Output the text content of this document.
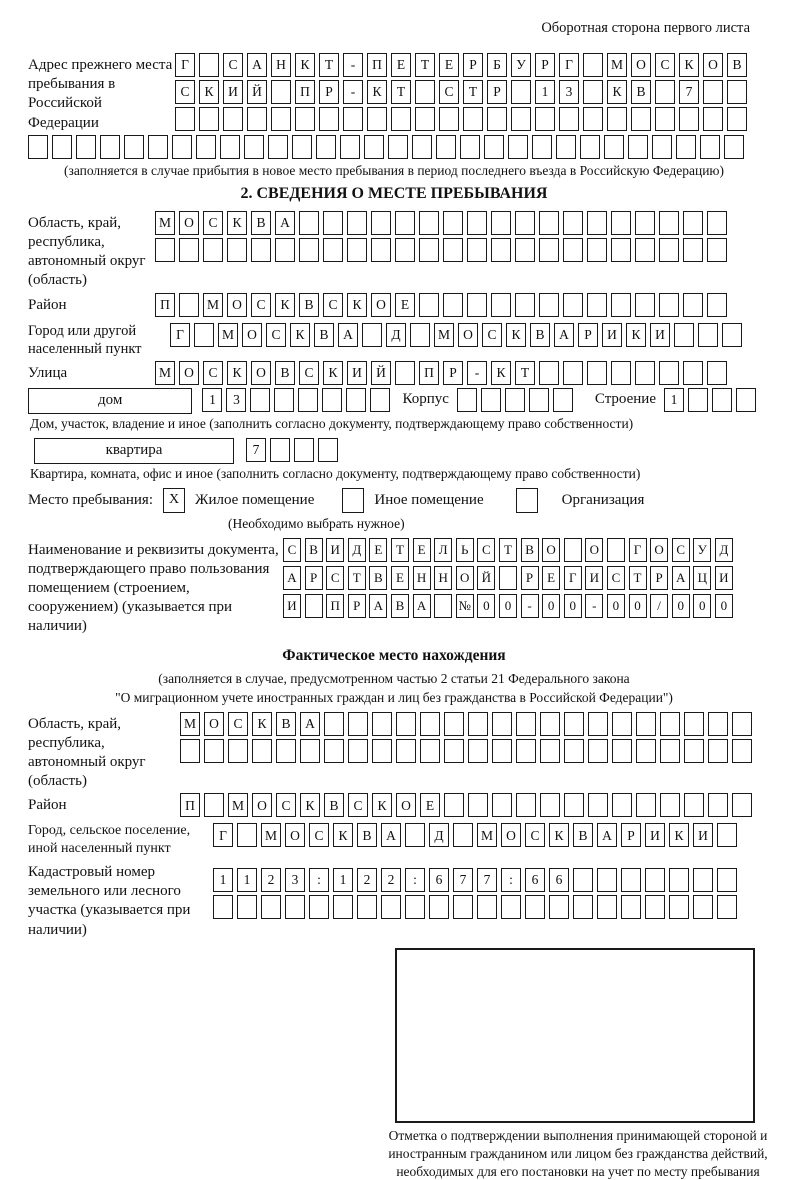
Оборотная сторона первого листа
Адрес прежнего места пребывания в Российской Федерации
Г	С	А	Н	К	Т	-	П	Е	Т	Е	Р	Б	У	Р	Г	М О	С	К	О	В
С	К	И	Й	П	Р	-	К	Т	С	Т	Р	1	3	К	В	7
(заполняется в случае прибытия в новое место пребывания в период последнего въезда в Российскую Федерацию)
2. СВЕДЕНИЯ О МЕСТЕ ПРЕБЫВАНИЯ
Область, край, республика, автономный округ (область)
М О	С	К	В	А
Район	П	М О	С	К	В	С	К	О	Е
Город или другой населенный пункт
Г	М О	С	К	В	А	Д	М О	С	К	В	А	Р	И	К	И
Улица	М О	С	К	О	В	С	К	И	Й	П	Р	-	К	Т
дом	1	3	Корпус	Строение	1
Дом, участок, владение и иное (заполнить согласно документу, подтверждающему право собственности)
квартира	7
Квартира, комната, офис и иное (заполнить согласно документу, подтверждающему право собственности)
Место пребывания:	X	Жилое помещение	Иное помещение	Организация
(Необходимо выбрать нужное)
Наименование и реквизиты документа, подтверждающего право пользования помещением (строением, сооружением) (указывается при наличии)
С В И Д	Е	Т	Е	Л	Ь	С	Т	В О	О	Г	О С У Д
А	Р	С	Т	В	Е Н Н О Й	Р	Е	Г	И С	Т	Р	А Ц И
И	П	Р	А В А	№ 0	0	-	0	0	-	0	0	/	0	0	0
Фактическое место нахождения
(заполняется в случае, предусмотренном частью 2 статьи 21 Федерального закона
"О миграционном учете иностранных граждан и лиц без гражданства в Российской Федерации")
Область, край, республика, автономный округ (область)
М О	С	К	В	А
Район	П	М О	С	К	В	С	К	О	Е
Город, сельское поселение, иной населенный пункт
Г	М О	С	К	В	А	Д	М О	С	К	В	А	Р	И	К	И
Кадастровый номер земельного или лесного участка (указывается при наличии)
1	1	2	3	:	1	2	2	:	6	7	7	:	6	6
Отметка о подтверждении выполнения принимающей стороной и иностранным гражданином или лицом без гражданства действий, необходимых для его постановки на учет по месту пребывания
